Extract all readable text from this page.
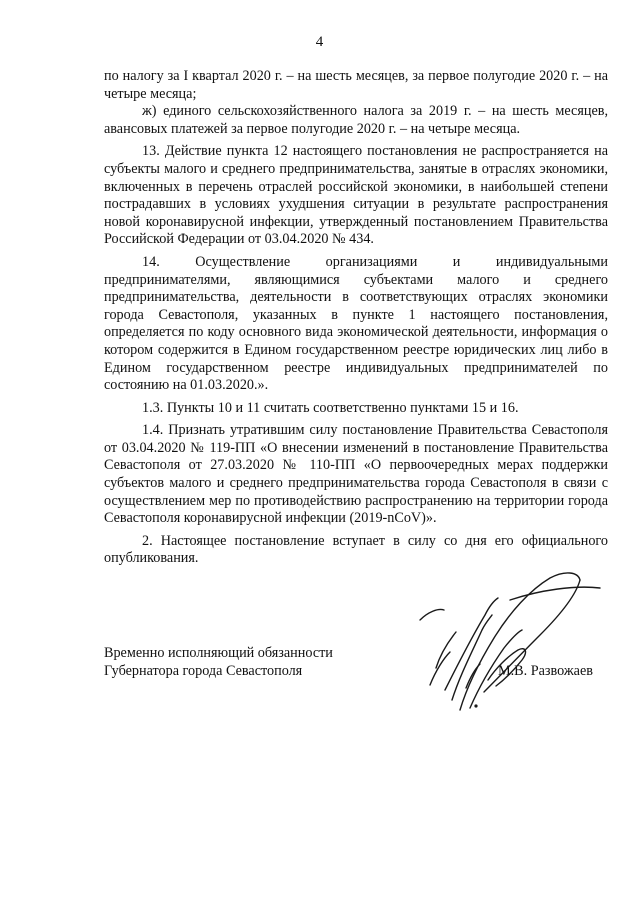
4

по налогу за I квартал 2020 г. – на шесть месяцев, за первое полугодие 2020 г. – на четыре месяца;

ж) единого сельскохозяйственного налога за 2019 г. – на шесть месяцев, авансовых платежей за первое полугодие 2020 г. – на четыре месяца.

13. Действие пункта 12 настоящего постановления не распространяется на субъекты малого и среднего предпринимательства, занятые в отраслях экономики, включенных в перечень отраслей российской экономики, в наибольшей степени пострадавших в условиях ухудшения ситуации в результате распространения новой коронавирусной инфекции, утвержденный постановлением Правительства Российской Федерации от 03.04.2020 № 434.

14. Осуществление организациями и индивидуальными предпринимателями, являющимися субъектами малого и среднего предпринимательства, деятельности в соответствующих отраслях экономики города Севастополя, указанных в пункте 1 настоящего постановления, определяется по коду основного вида экономической деятельности, информация о котором содержится в Едином государственном реестре юридических лиц либо в Едином государственном реестре индивидуальных предпринимателей по состоянию на 01.03.2020.».

1.3. Пункты 10 и 11 считать соответственно пунктами 15 и 16.

1.4. Признать утратившим силу постановление Правительства Севастополя от 03.04.2020 № 119-ПП «О внесении изменений в постановление Правительства Севастополя от 27.03.2020 № 110-ПП «О первоочередных мерах поддержки субъектов малого и среднего предпринимательства города Севастополя в связи с осуществлением мер по противодействию распространению на территории города Севастополя коронавирусной инфекции (2019-nCoV)».

2. Настоящее постановление вступает в силу со дня его официального опубликования.

Временно исполняющий обязанности
Губернатора города Севастополя	М.В. Развожаев
